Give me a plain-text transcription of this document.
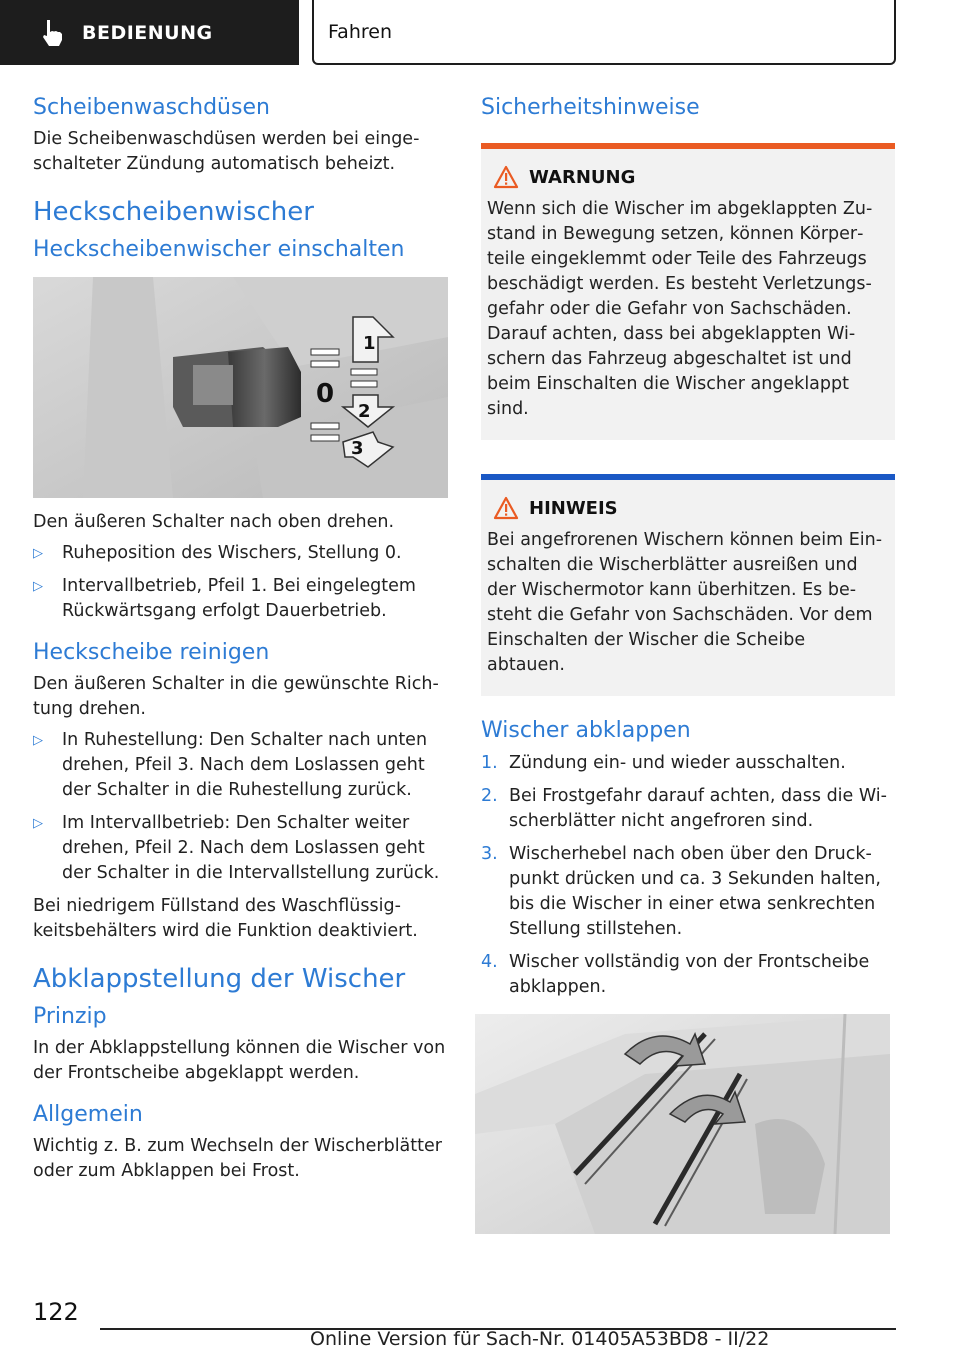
BEDIENUNG	Fahren
Scheibenwaschdüsen

Die Scheibenwaschdüsen werden bei eingeschalteter Zündung automatisch beheizt.

Heckscheibenwischer
Heckscheibenwischer einschalten
1
0
2
3

Den äußeren Schalter nach oben drehen.

▷ Ruheposition des Wischers, Stellung 0.
▷ Intervallbetrieb, Pfeil 1. Bei eingelegtem Rückwärtsgang erfolgt Dauerbetrieb.
Heckscheibe reinigen

Den äußeren Schalter in die gewünschte Richtung drehen.

▷ In Ruhestellung: Den Schalter nach unten drehen, Pfeil 3. Nach dem Loslassen geht der Schalter in die Ruhestellung zurück.
▷ Im Intervallbetrieb: Den Schalter weiter drehen, Pfeil 2. Nach dem Loslassen geht der Schalter in die Intervallstellung zurück.

Bei niedrigem Füllstand des Waschflüssigkeitsbehälters wird die Funktion deaktiviert.

Abklappstellung der Wischer
Prinzip

In der Abklappstellung können die Wischer von der Frontscheibe abgeklappt werden.

Allgemein

Wichtig z. B. zum Wechseln der Wischerblätter oder zum Abklappen bei Frost.

Sicherheitshinweise
WARNUNG

Wenn sich die Wischer im abgeklappten Zustand in Bewegung setzen, können Körperteile eingeklemmt oder Teile des Fahrzeugs beschädigt werden. Es besteht Verletzungsgefahr oder die Gefahr von Sachschäden. Darauf achten, dass bei abgeklappten Wischern das Fahrzeug abgeschaltet ist und beim Einschalten die Wischer angeklappt sind.

HINWEIS

Bei angefrorenen Wischern können beim Einschalten die Wischerblätter ausreißen und der Wischermotor kann überhitzen. Es besteht die Gefahr von Sachschäden. Vor dem Einschalten der Wischer die Scheibe abtauen.

Wischer abklappen
1. Zündung ein- und wieder ausschalten.
2. Bei Frostgefahr darauf achten, dass die Wischerblätter nicht angefroren sind.
3. Wischerhebel nach oben über den Druckpunkt drücken und ca. 3 Sekunden halten, bis die Wischer in einer etwa senkrechten Stellung stillstehen.
4. Wischer vollständig von der Frontscheibe abklappen.
122
Online Version für Sach-Nr. 01405A53BD8 - II/22
